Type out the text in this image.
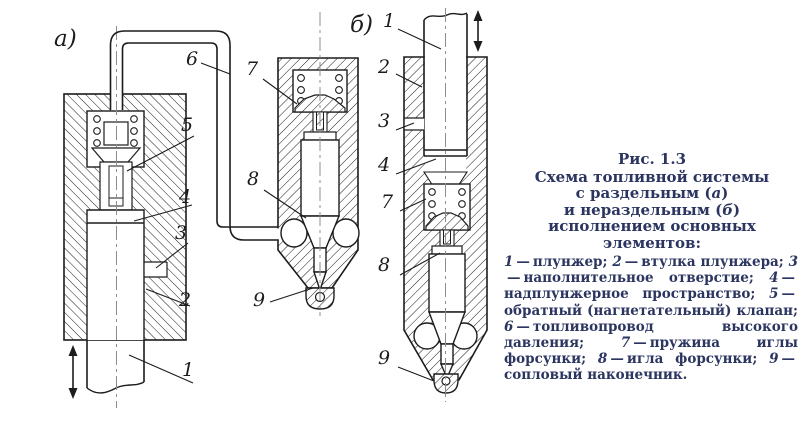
а)
б)
6
5
4
3
2
1
7
8
9
1
2
3
4
7
8
9
Рис. 1.3
Схема топливной системы
с раздельным (а)
и нераздельным (б)
исполнением основных
элементов:
1 — плунжер; 2 — втулка плунжера; 3— наполнительное отверстие; 4 —надплунжерное пространство; 5 —обратный (нагнетательный) клапан; 6 — топливопровод высокого давления; 7 — пружина иглы форсунки; 8 — игла форсунки; 9 —сопловый наконечник.
